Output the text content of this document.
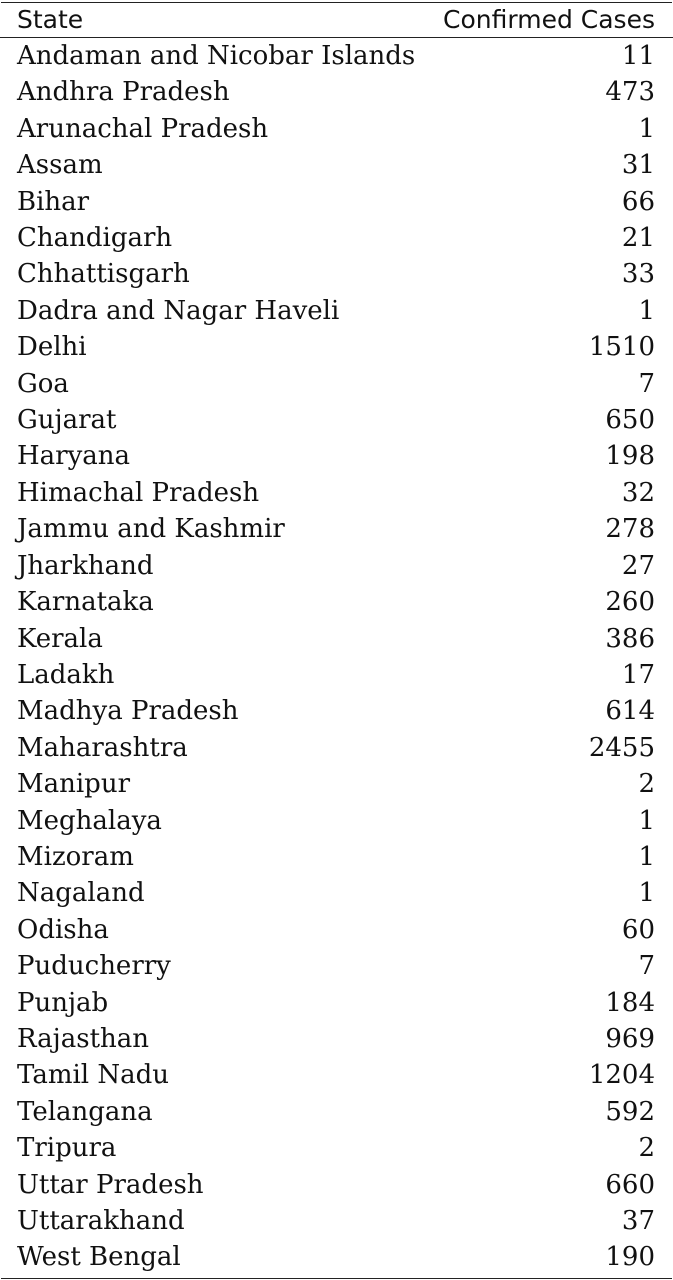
State	Confirmed Cases
Andaman and Nicobar Islands	11
Andhra Pradesh	473
Arunachal Pradesh	1
Assam	31
Bihar	66
Chandigarh	21
Chhattisgarh	33
Dadra and Nagar Haveli	1
Delhi	1510
Goa	7
Gujarat	650
Haryana	198
Himachal Pradesh	32
Jammu and Kashmir	278
Jharkhand	27
Karnataka	260
Kerala	386
Ladakh	17
Madhya Pradesh	614
Maharashtra	2455
Manipur	2
Meghalaya	1
Mizoram	1
Nagaland	1
Odisha	60
Puducherry	7
Punjab	184
Rajasthan	969
Tamil Nadu	1204
Telangana	592
Tripura	2
Uttar Pradesh	660
Uttarakhand	37
West Bengal	190
